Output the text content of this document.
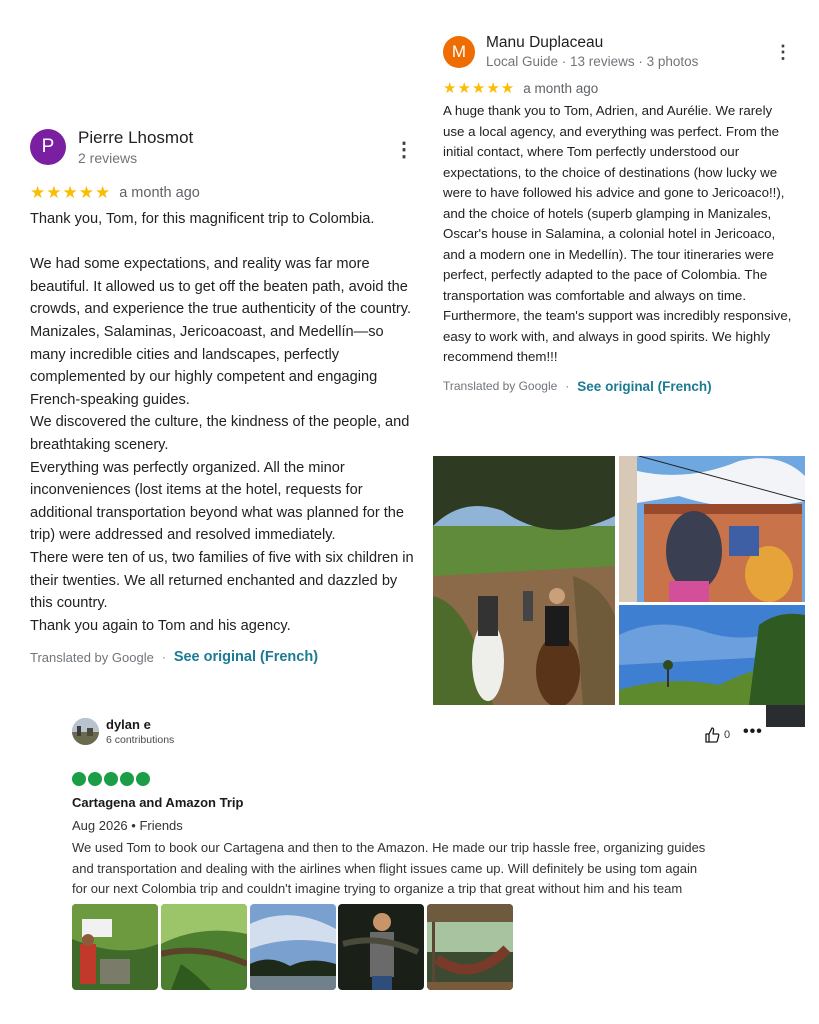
P	Pierre Lhosmot
2 reviews	⋮
★★★★★ a month ago
Thank you, Tom, for this magnificent trip to Colombia.

We had some expectations, and reality was far more beautiful. It allowed us to get off the beaten path, avoid the crowds, and experience the true authenticity of the country.
Manizales, Salaminas, Jericoacoast, and Medellín—so many incredible cities and landscapes, perfectly complemented by our highly competent and engaging French-speaking guides.
We discovered the culture, the kindness of the people, and breathtaking scenery.
Everything was perfectly organized. All the minor inconveniences (lost items at the hotel, requests for additional transportation beyond what was planned for the trip) were addressed and resolved immediately.
There were ten of us, two families of five with six children in their twenties. We all returned enchanted and dazzled by this country.
Thank you again to Tom and his agency.
Translated by Google · See original (French)
M	Manu Duplaceau
Local Guide · 13 reviews · 3 photos	⋮
★★★★★ a month ago
A huge thank you to Tom, Adrien, and Aurélie. We rarely use a local agency, and everything was perfect. From the initial contact, where Tom perfectly understood our expectations, to the choice of destinations (how lucky we were to have followed his advice and gone to Jericoaco!!), and the choice of hotels (superb glamping in Manizales, Oscar's house in Salamina, a colonial hotel in Jericoaco, and a modern one in Medellín). The tour itineraries were perfect, perfectly adapted to the pace of Colombia. The transportation was comfortable and always on time. Furthermore, the team's support was incredibly responsive, easy to work with, and always in good spirits. We highly recommend them!!!
Translated by Google · See original (French)
dylan e
6 contributions	0 •••
Cartagena and Amazon Trip
Aug 2026 • Friends
We used Tom to book our Cartagena and then to the Amazon. He made our trip hassle free, organizing guides
and transportation and dealing with the airlines when flight issues came up. Will definitely be using tom again
for our next Colombia trip and couldn't imagine trying to organize a trip that great without him and his team
